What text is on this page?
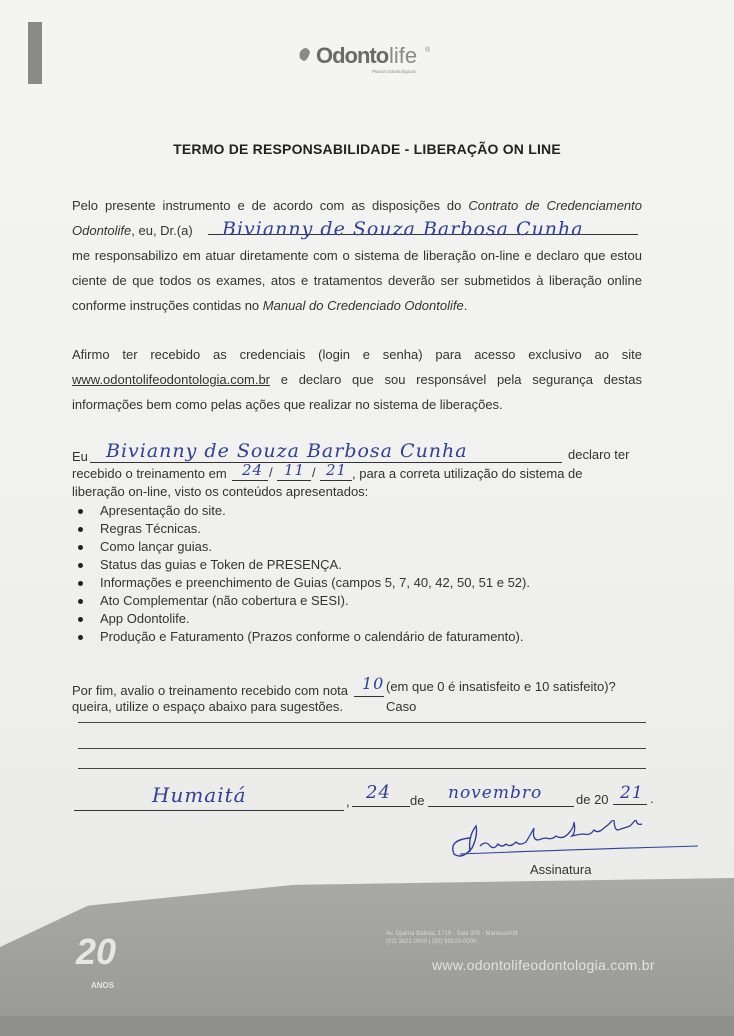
Odonto life ®
Planos Odontológicos
TERMO DE RESPONSABILIDADE - LIBERAÇÃO ON LINE
Pelo presente instrumento e de acordo com as disposições do Contrato de Credenciamento
Odontolife, eu, Dr.(a) Bivianny de Souza Barbosa Cunha
me responsabilizo em atuar diretamente com o sistema de liberação on-line e declaro que estou
ciente de que todos os exames, atos e tratamentos deverão ser submetidos à liberação online
conforme instruções contidas no Manual do Credenciado Odontolife.
Afirmo ter recebido as credenciais (login e senha) para acesso exclusivo ao site
www.odontolifeodontologia.com.br e declaro que sou responsável pela segurança destas
informações bem como pelas ações que realizar no sistema de liberações.
Eu Bivianny de Souza Barbosa Cunha	declaro ter
recebido o treinamento em 24 / 11 / 21 , para a correta utilização do sistema de
liberação on-line, visto os conteúdos apresentados:
Apresentação do site.
Regras Técnicas.
Como lançar guias.
Status das guias e Token de PRESENÇA.
Informações e preenchimento de Guias (campos 5, 7, 40, 42, 50, 51 e 52).
Ato Complementar (não cobertura e SESI).
App Odontolife.
Produção e Faturamento (Prazos conforme o calendário de faturamento).
Por fim, avalio o treinamento recebido com nota 10 (em que 0 é insatisfeito e 10 satisfeito)? Caso
queira, utilize o espaço abaixo para sugestões.
Humaitá	, 24 de novembro	de 20 21 .
Assinatura
20
ANOS
Av. Djalma Batista, 1719 - Sala 305 - Manaus/AM
(92) 3622-0000 | (92) 98100-0000
www.odontolifeodontologia.com.br
